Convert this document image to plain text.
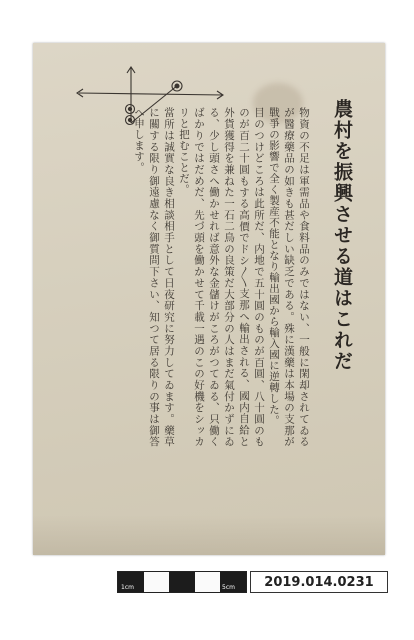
農村を振興させる道はこれだ

物資の不足は軍需品や食料品のみではない、一般に閑却されてゐるが醫療藥品の如きも甚だしい缺乏である。殊に漢藥は本場の支那が戰爭の影響で全く製産不能となり輸出國から輸入國に逆轉した。

目のつけどころは此所だ、内地で五十圓のものが百圓、八十圓のものが百二十圓もする高價でドシ〳〵支那へ輸出される、國内自給と外貨獲得を兼ねた一石二鳥の良策だ大部分の人はまだ氣付かずにゐる、少し頭さへ働かせれば意外な金儲けがころがつてゐる、只働くばかりではだめだ、先づ頭を働かせて千載一遇のこの好機をシッカリと把むことだ。

當所は誠實な良き相談相手として日夜研究に努力してゐます。藥草に關する限り御遠慮なく御質問下さい、知つて居る限りの事は御答へ申します。

1cm	5cm	2019.014.0231
